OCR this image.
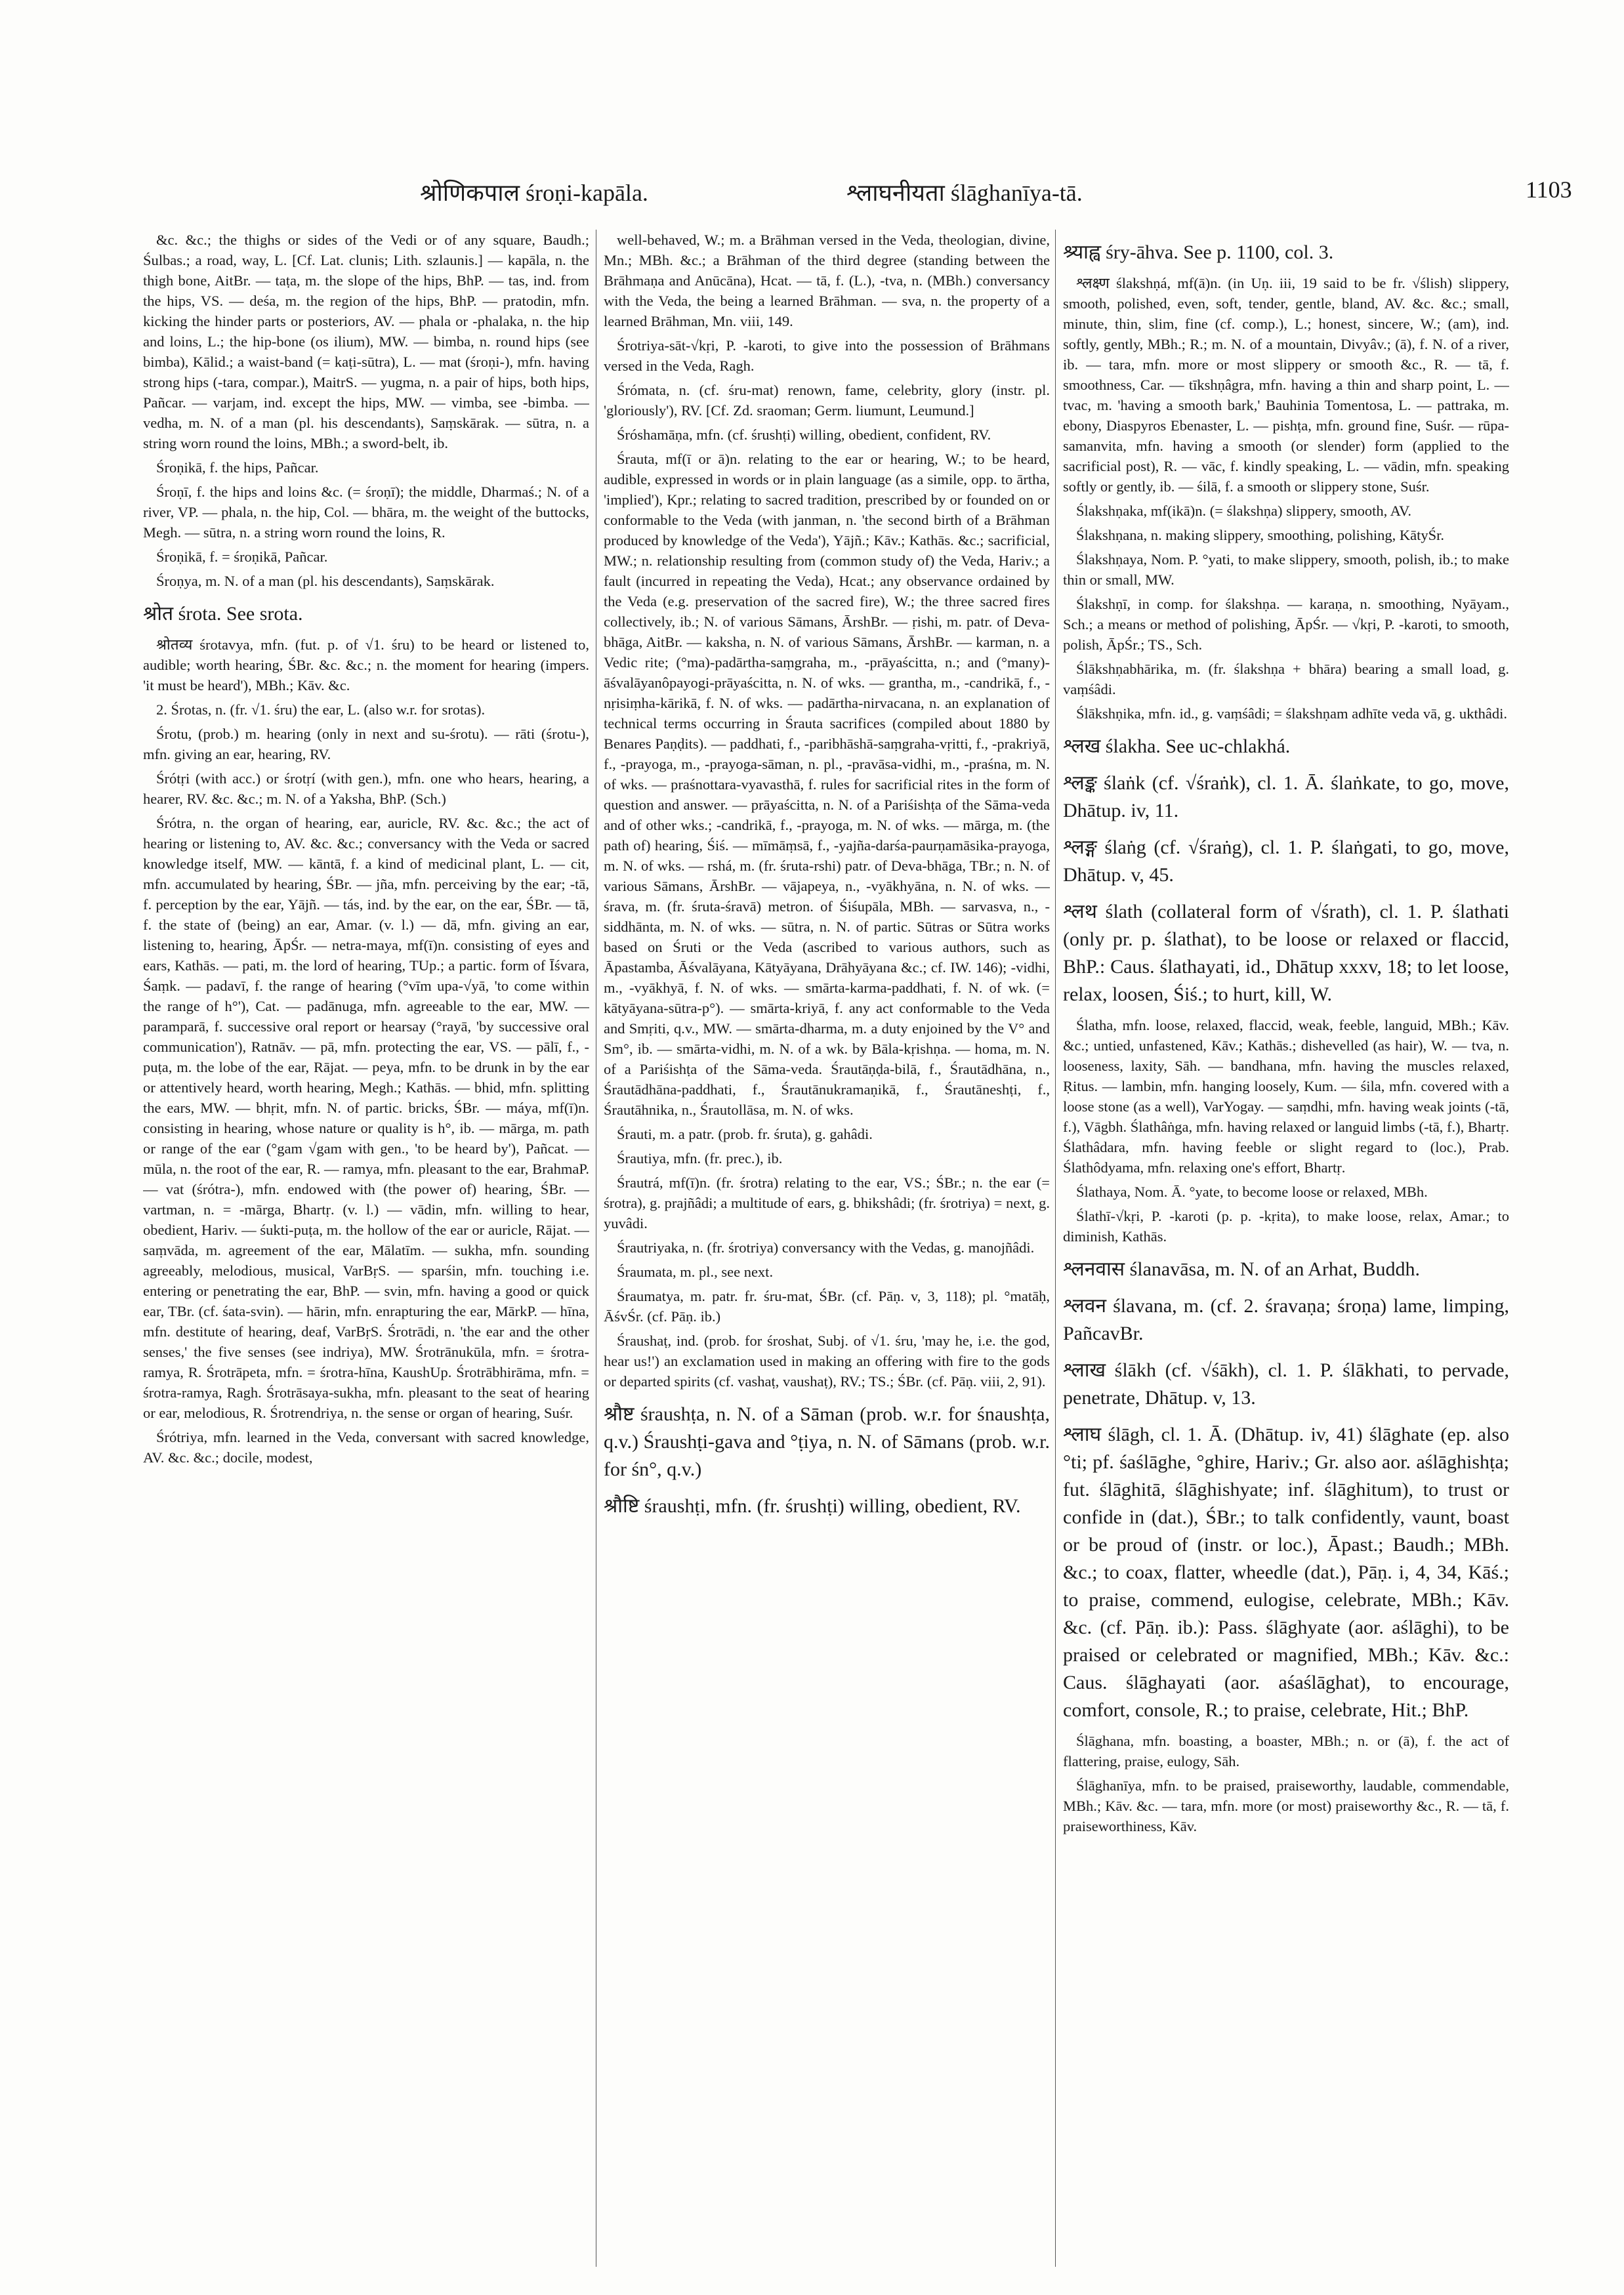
श्रोणिकपाल śroṇi-kapāla.	श्लाघनीयता ślāghanīya-tā.	1103

&c. &c.; the thighs or sides of the Vedi or of any square, Baudh.; Śulbas.; a road, way, L. [Cf. Lat. clunis; Lith. szlaunis.] — kapāla, n. the thigh bone, AitBr. — taṭa, m. the slope of the hips, BhP. — tas, ind. from the hips, VS. — deśa, m. the region of the hips, BhP. — pratodin, mfn. kicking the hinder parts or posteriors, AV. — phala or -phalaka, n. the hip and loins, L.; the hip-bone (os ilium), MW. — bimba, n. round hips (see bimba), Kālid.; a waist-band (= kaṭi-sūtra), L. — mat (śroṇi-), mfn. having strong hips (-tara, compar.), MaitrS. — yugma, n. a pair of hips, both hips, Pañcar. — varjam, ind. except the hips, MW. — vimba, see -bimba. — vedha, m. N. of a man (pl. his descendants), Saṃskārak. — sūtra, n. a string worn round the loins, MBh.; a sword-belt, ib.

Śroṇikā, f. the hips, Pañcar.

Śroṇī, f. the hips and loins &c. (= śroṇī); the middle, Dharmaś.; N. of a river, VP. — phala, n. the hip, Col. — bhāra, m. the weight of the buttocks, Megh. — sūtra, n. a string worn round the loins, R.

Śroṇikā, f. = śroṇikā, Pañcar.

Śroṇya, m. N. of a man (pl. his descendants), Saṃskārak.

श्रोत śrota. See srota.

श्रोतव्य śrotavya, mfn. (fut. p. of √1. śru) to be heard or listened to, audible; worth hearing, ŚBr. &c. &c.; n. the moment for hearing (impers. 'it must be heard'), MBh.; Kāv. &c.

2. Śrotas, n. (fr. √1. śru) the ear, L. (also w.r. for srotas).

Śrotu, (prob.) m. hearing (only in next and su-śrotu). — rāti (śrotu-), mfn. giving an ear, hearing, RV.

Śrótṛi (with acc.) or śrotṛí (with gen.), mfn. one who hears, hearing, a hearer, RV. &c. &c.; m. N. of a Yaksha, BhP. (Sch.)

Śrótra, n. the organ of hearing, ear, auricle, RV. &c. &c.; the act of hearing or listening to, AV. &c. &c.; conversancy with the Veda or sacred knowledge itself, MW. — kāntā, f. a kind of medicinal plant, L. — cit, mfn. accumulated by hearing, ŚBr. — jña, mfn. perceiving by the ear; -tā, f. perception by the ear, Yājñ. — tás, ind. by the ear, on the ear, ŚBr. — tā, f. the state of (being) an ear, Amar. (v. l.) — dā, mfn. giving an ear, listening to, hearing, ĀpŚr. — netra-maya, mf(ī)n. consisting of eyes and ears, Kathās. — pati, m. the lord of hearing, TUp.; a partic. form of Īśvara, Śaṃk. — padavī, f. the range of hearing (°vīm upa-√yā, 'to come within the range of h°'), Cat. — padānuga, mfn. agreeable to the ear, MW. — paramparā, f. successive oral report or hearsay (°rayā, 'by successive oral communication'), Ratnāv. — pā, mfn. protecting the ear, VS. — pālī, f., -puṭa, m. the lobe of the ear, Rājat. — peya, mfn. to be drunk in by the ear or attentively heard, worth hearing, Megh.; Kathās. — bhid, mfn. splitting the ears, MW. — bhṛit, mfn. N. of partic. bricks, ŚBr. — máya, mf(ī)n. consisting in hearing, whose nature or quality is h°, ib. — mārga, m. path or range of the ear (°gam √gam with gen., 'to be heard by'), Pañcat. — mūla, n. the root of the ear, R. — ramya, mfn. pleasant to the ear, BrahmaP. — vat (śrótra-), mfn. endowed with (the power of) hearing, ŚBr. — vartman, n. = -mārga, Bhartṛ. (v. l.) — vādin, mfn. willing to hear, obedient, Hariv. — śukti-puṭa, m. the hollow of the ear or auricle, Rājat. — saṃvāda, m. agreement of the ear, Mālatīm. — sukha, mfn. sounding agreeably, melodious, musical, VarBṛS. — sparśin, mfn. touching i.e. entering or penetrating the ear, BhP. — svin, mfn. having a good or quick ear, TBr. (cf. śata-svin). — hārin, mfn. enrapturing the ear, MārkP. — hīna, mfn. destitute of hearing, deaf, VarBṛS. Śrotrādi, n. 'the ear and the other senses,' the five senses (see indriya), MW. Śrotrānukūla, mfn. = śrotra-ramya, R. Śrotrāpeta, mfn. = śrotra-hīna, KaushUp. Śrotrābhirāma, mfn. = śrotra-ramya, Ragh. Śrotrāsaya-sukha, mfn. pleasant to the seat of hearing or ear, melodious, R. Śrotrendriya, n. the sense or organ of hearing, Suśr.

Śrótriya, mfn. learned in the Veda, conversant with sacred knowledge, AV. &c. &c.; docile, modest,

well-behaved, W.; m. a Brāhman versed in the Veda, theologian, divine, Mn.; MBh. &c.; a Brāhman of the third degree (standing between the Brāhmaṇa and Anūcāna), Hcat. — tā, f. (L.), -tva, n. (MBh.) conversancy with the Veda, the being a learned Brāhman. — sva, n. the property of a learned Brāhman, Mn. viii, 149.

Śrotriya-sāt-√kṛi, P. -karoti, to give into the possession of Brāhmans versed in the Veda, Ragh.

Śrómata, n. (cf. śru-mat) renown, fame, celebrity, glory (instr. pl. 'gloriously'), RV. [Cf. Zd. sraoman; Germ. liumunt, Leumund.]

Śróshamāṇa, mfn. (cf. śrushṭi) willing, obedient, confident, RV.

Śrauta, mf(ī or ā)n. relating to the ear or hearing, W.; to be heard, audible, expressed in words or in plain language (as a simile, opp. to ārtha, 'implied'), Kpr.; relating to sacred tradition, prescribed by or founded on or conformable to the Veda (with janman, n. 'the second birth of a Brāhman produced by knowledge of the Veda'), Yājñ.; Kāv.; Kathās. &c.; sacrificial, MW.; n. relationship resulting from (common study of) the Veda, Hariv.; a fault (incurred in repeating the Veda), Hcat.; any observance ordained by the Veda (e.g. preservation of the sacred fire), W.; the three sacred fires collectively, ib.; N. of various Sāmans, ĀrshBr. — ṛishi, m. patr. of Deva-bhāga, AitBr. — kaksha, n. N. of various Sāmans, ĀrshBr. — karman, n. a Vedic rite; (°ma)-padārtha-saṃgraha, m., -prāyaścitta, n.; and (°many)-āśvalāyanôpayogi-prāyaścitta, n. N. of wks. — grantha, m., -candrikā, f., -nṛisiṃha-kārikā, f. N. of wks. — padārtha-nirvacana, n. an explanation of technical terms occurring in Śrauta sacrifices (compiled about 1880 by Benares Paṇḍits). — paddhati, f., -paribhāshā-saṃgraha-vṛitti, f., -prakriyā, f., -prayoga, m., -prayoga-sāman, n. pl., -pravāsa-vidhi, m., -praśna, m. N. of wks. — praśnottara-vyavasthā, f. rules for sacrificial rites in the form of question and answer. — prāyaścitta, n. N. of a Pariśishṭa of the Sāma-veda and of other wks.; -candrikā, f., -prayoga, m. N. of wks. — mārga, m. (the path of) hearing, Śiś. — mīmāṃsā, f., -yajña-darśa-paurṇamāsika-prayoga, m. N. of wks. — rshá, m. (fr. śruta-rshi) patr. of Deva-bhāga, TBr.; n. N. of various Sāmans, ĀrshBr. — vājapeya, n., -vyākhyāna, n. N. of wks. — śrava, m. (fr. śruta-śravā) metron. of Śiśupāla, MBh. — sarvasva, n., -siddhānta, m. N. of wks. — sūtra, n. N. of partic. Sūtras or Sūtra works based on Śruti or the Veda (ascribed to various authors, such as Āpastamba, Āśvalāyana, Kātyāyana, Drāhyāyana &c.; cf. IW. 146); -vidhi, m., -vyākhyā, f. N. of wks. — smārta-karma-paddhati, f. N. of wk. (= kātyāyana-sūtra-p°). — smārta-kriyā, f. any act conformable to the Veda and Smṛiti, q.v., MW. — smārta-dharma, m. a duty enjoined by the V° and Sm°, ib. — smārta-vidhi, m. N. of a wk. by Bāla-kṛishṇa. — homa, m. N. of a Pariśishṭa of the Sāma-veda. Śrautāṇḍa-bilā, f., Śrautādhāna, n., Śrautādhāna-paddhati, f., Śrautānukramaṇikā, f., Śrautāneshṭi, f., Śrautāhnika, n., Śrautollāsa, m. N. of wks.

Śrauti, m. a patr. (prob. fr. śruta), g. gahâdi.

Śrautiya, mfn. (fr. prec.), ib.

Śrautrá, mf(ī)n. (fr. śrotra) relating to the ear, VS.; ŚBr.; n. the ear (= śrotra), g. prajñâdi; a multitude of ears, g. bhikshâdi; (fr. śrotriya) = next, g. yuvâdi.

Śrautriyaka, n. (fr. śrotriya) conversancy with the Vedas, g. manojñâdi.

Śraumata, m. pl., see next.

Śraumatya, m. patr. fr. śru-mat, ŚBr. (cf. Pāṇ. v, 3, 118); pl. °matāḥ, ĀśvŚr. (cf. Pāṇ. ib.)

Śraushaṭ, ind. (prob. for śroshat, Subj. of √1. śru, 'may he, i.e. the god, hear us!') an exclamation used in making an offering with fire to the gods or departed spirits (cf. vashaṭ, vaushaṭ), RV.; TS.; ŚBr. (cf. Pāṇ. viii, 2, 91).

श्रौष्ट śraushṭa, n. N. of a Sāman (prob. w.r. for śnaushṭa, q.v.) Śraushṭi-gava and °ṭiya, n. N. of Sāmans (prob. w.r. for śn°, q.v.)

श्रौष्टि śraushṭi, mfn. (fr. śrushṭi) willing, obedient, RV.

श्र्याह्व śry-āhva. See p. 1100, col. 3.

श्लक्ष्ण ślakshṇá, mf(ā)n. (in Uṇ. iii, 19 said to be fr. √ślish) slippery, smooth, polished, even, soft, tender, gentle, bland, AV. &c. &c.; small, minute, thin, slim, fine (cf. comp.), L.; honest, sincere, W.; (am), ind. softly, gently, MBh.; R.; m. N. of a mountain, Divyâv.; (ā), f. N. of a river, ib. — tara, mfn. more or most slippery or smooth &c., R. — tā, f. smoothness, Car. — tīkshṇâgra, mfn. having a thin and sharp point, L. — tvac, m. 'having a smooth bark,' Bauhinia Tomentosa, L. — pattraka, m. ebony, Diaspyros Ebenaster, L. — pishṭa, mfn. ground fine, Suśr. — rūpa-samanvita, mfn. having a smooth (or slender) form (applied to the sacrificial post), R. — vāc, f. kindly speaking, L. — vādin, mfn. speaking softly or gently, ib. — śilā, f. a smooth or slippery stone, Suśr.

Ślakshṇaka, mf(ikā)n. (= ślakshṇa) slippery, smooth, AV.

Ślakshṇana, n. making slippery, smoothing, polishing, KātyŚr.

Ślakshṇaya, Nom. P. °yati, to make slippery, smooth, polish, ib.; to make thin or small, MW.

Ślakshṇī, in comp. for ślakshṇa. — karaṇa, n. smoothing, Nyāyam., Sch.; a means or method of polishing, ĀpŚr. — √kṛi, P. -karoti, to smooth, polish, ĀpŚr.; TS., Sch.

Ślākshṇabhārika, m. (fr. ślakshṇa + bhāra) bearing a small load, g. vaṃśâdi.

Ślākshṇika, mfn. id., g. vaṃśâdi; = ślakshṇam adhīte veda vā, g. ukthâdi.

श्लख ślakha. See uc-chlakhá.

श्लङ्क ślaṅk (cf. √śraṅk), cl. 1. Ā. ślaṅkate, to go, move, Dhātup. iv, 11.

श्लङ्ग ślaṅg (cf. √śraṅg), cl. 1. P. ślaṅgati, to go, move, Dhātup. v, 45.

श्लथ ślath (collateral form of √śrath), cl. 1. P. ślathati (only pr. p. ślathat), to be loose or relaxed or flaccid, BhP.: Caus. ślathayati, id., Dhātup xxxv, 18; to let loose, relax, loosen, Śiś.; to hurt, kill, W.

Ślatha, mfn. loose, relaxed, flaccid, weak, feeble, languid, MBh.; Kāv. &c.; untied, unfastened, Kāv.; Kathās.; dishevelled (as hair), W. — tva, n. looseness, laxity, Sāh. — bandhana, mfn. having the muscles relaxed, Ṛitus. — lambin, mfn. hanging loosely, Kum. — śila, mfn. covered with a loose stone (as a well), VarYogay. — saṃdhi, mfn. having weak joints (-tā, f.), Vāgbh. Ślathâṅga, mfn. having relaxed or languid limbs (-tā, f.), Bhartṛ. Ślathâdara, mfn. having feeble or slight regard to (loc.), Prab. Ślathôdyama, mfn. relaxing one's effort, Bhartṛ.

Ślathaya, Nom. Ā. °yate, to become loose or relaxed, MBh.

Ślathī-√kṛi, P. -karoti (p. p. -kṛita), to make loose, relax, Amar.; to diminish, Kathās.

श्लनवास ślanavāsa, m. N. of an Arhat, Buddh.

श्लवन ślavana, m. (cf. 2. śravaṇa; śroṇa) lame, limping, PañcavBr.

श्लाख ślākh (cf. √śākh), cl. 1. P. ślākhati, to pervade, penetrate, Dhātup. v, 13.

श्लाघ ślāgh, cl. 1. Ā. (Dhātup. iv, 41) ślāghate (ep. also °ti; pf. śaślāghe, °ghire, Hariv.; Gr. also aor. aślāghishṭa; fut. ślāghitā, ślāghishyate; inf. ślāghitum), to trust or confide in (dat.), ŚBr.; to talk confidently, vaunt, boast or be proud of (instr. or loc.), Āpast.; Baudh.; MBh. &c.; to coax, flatter, wheedle (dat.), Pāṇ. i, 4, 34, Kāś.; to praise, commend, eulogise, celebrate, MBh.; Kāv. &c. (cf. Pāṇ. ib.): Pass. ślāghyate (aor. aślāghi), to be praised or celebrated or magnified, MBh.; Kāv. &c.: Caus. ślāghayati (aor. aśaślāghat), to encourage, comfort, console, R.; to praise, celebrate, Hit.; BhP.

Ślāghana, mfn. boasting, a boaster, MBh.; n. or (ā), f. the act of flattering, praise, eulogy, Sāh.

Ślāghanīya, mfn. to be praised, praiseworthy, laudable, commendable, MBh.; Kāv. &c. — tara, mfn. more (or most) praiseworthy &c., R. — tā, f. praiseworthiness, Kāv.
